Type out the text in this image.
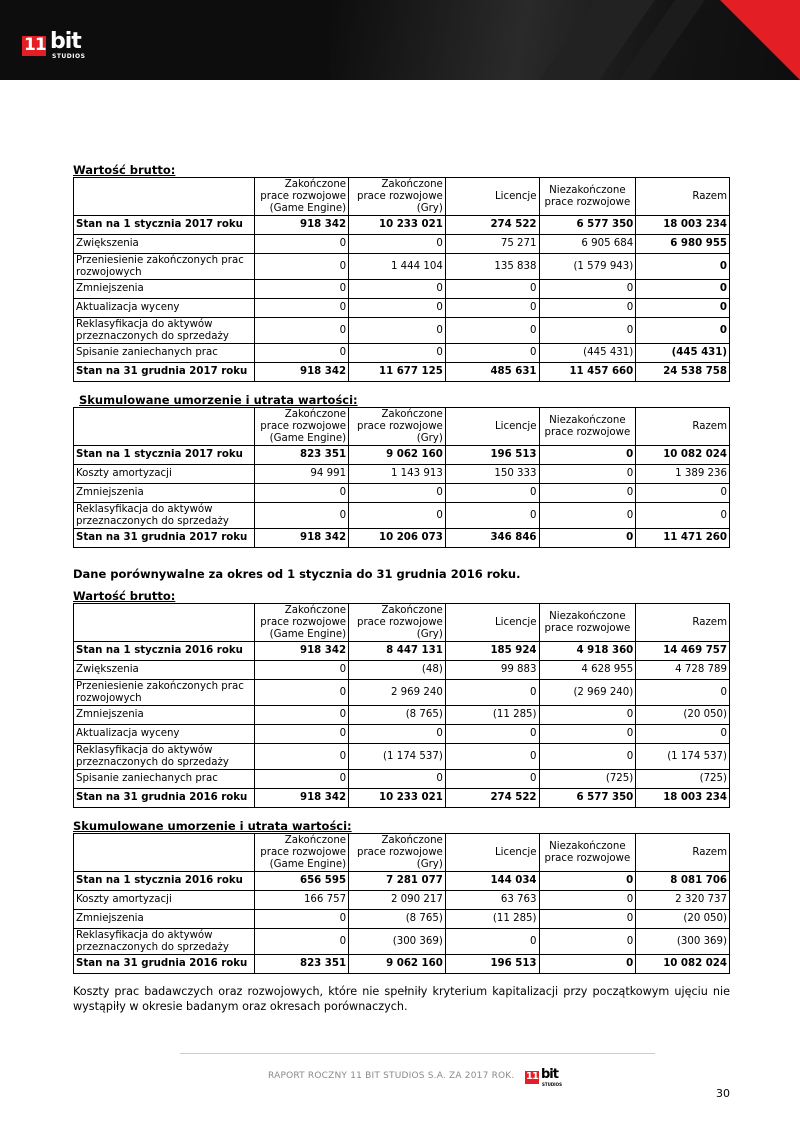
11 bit
STUDIOS
Wartość brutto:
	Zakończone prace rozwojowe (Game Engine)	Zakończone prace rozwojowe (Gry)	Licencje	Niezakończone prace rozwojowe	Razem
Stan na 1 stycznia 2017 roku	918 342	10 233 021	274 522	6 577 350	18 003 234
Zwiększenia	0	0	75 271	6 905 684	6 980 955
Przeniesienie zakończonych prac rozwojowych	0	1 444 104	135 838	(1 579 943)	0
Zmniejszenia	0	0	0	0	0
Aktualizacja wyceny	0	0	0	0	0
Reklasyfikacja do aktywów przeznaczonych do sprzedaży	0	0	0	0	0
Spisanie zaniechanych prac	0	0	0	(445 431)	(445 431)
Stan na 31 grudnia 2017 roku	918 342	11 677 125	485 631	11 457 660	24 538 758
Skumulowane umorzenie i utrata wartości:
	Zakończone prace rozwojowe (Game Engine)	Zakończone prace rozwojowe (Gry)	Licencje	Niezakończone prace rozwojowe	Razem
Stan na 1 stycznia 2017 roku	823 351	9 062 160	196 513	0	10 082 024
Koszty amortyzacji	94 991	1 143 913	150 333	0	1 389 236
Zmniejszenia	0	0	0	0	0
Reklasyfikacja do aktywów przeznaczonych do sprzedaży	0	0	0	0	0
Stan na 31 grudnia 2017 roku	918 342	10 206 073	346 846	0	11 471 260
Dane porównywalne za okres od 1 stycznia do 31 grudnia 2016 roku.
Wartość brutto:
	Zakończone prace rozwojowe (Game Engine)	Zakończone prace rozwojowe (Gry)	Licencje	Niezakończone prace rozwojowe	Razem
Stan na 1 stycznia 2016 roku	918 342	8 447 131	185 924	4 918 360	14 469 757
Zwiększenia	0	(48)	99 883	4 628 955	4 728 789
Przeniesienie zakończonych prac rozwojowych	0	2 969 240	0	(2 969 240)	0
Zmniejszenia	0	(8 765)	(11 285)	0	(20 050)
Aktualizacja wyceny	0	0	0	0	0
Reklasyfikacja do aktywów przeznaczonych do sprzedaży	0	(1 174 537)	0	0	(1 174 537)
Spisanie zaniechanych prac	0	0	0	(725)	(725)
Stan na 31 grudnia 2016 roku	918 342	10 233 021	274 522	6 577 350	18 003 234
Skumulowane umorzenie i utrata wartości:
	Zakończone prace rozwojowe (Game Engine)	Zakończone prace rozwojowe (Gry)	Licencje	Niezakończone prace rozwojowe	Razem
Stan na 1 stycznia 2016 roku	656 595	7 281 077	144 034	0	8 081 706
Koszty amortyzacji	166 757	2 090 217	63 763	0	2 320 737
Zmniejszenia	0	(8 765)	(11 285)	0	(20 050)
Reklasyfikacja do aktywów przeznaczonych do sprzedaży	0	(300 369)	0	0	(300 369)
Stan na 31 grudnia 2016 roku	823 351	9 062 160	196 513	0	10 082 024
Koszty prac badawczych oraz rozwojowych, które nie spełniły kryterium kapitalizacji przy początkowym ujęciu nie wystąpiły w okresie badanym oraz okresach porównaczych.
RAPORT ROCZNY 11 BIT STUDIOS S.A. ZA 2017 ROK. 11 bit
STUDIOS
30
